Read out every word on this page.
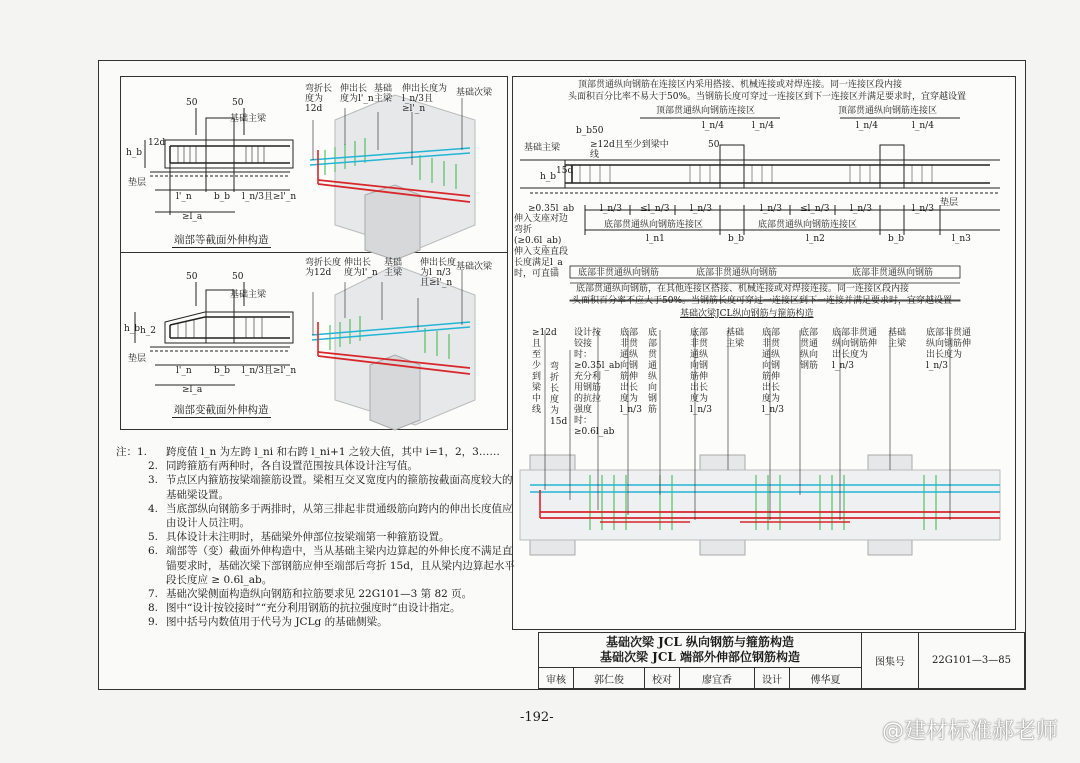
50	50
基础主梁
h_b
12d
垫层
l'_n b_b l_n/3且≥l'_n
≥l_a
端部等截面外伸构造
弯折长度为12d
伸出长度为l'_n
基础主梁
伸出长度为l_n/3且≥l'_n
基础次梁
50	50
基础主梁
h_b h_2
垫层
l'_n b_b l_n/3且≥l'_n
≥l_a
端部变截面外伸构造
弯折长度为12d
伸出长度为l'_n
基础主梁
伸出长度为l_n/3且≥l'_n
基础次梁
顶部贯通纵向钢筋在连接区内采用搭接、机械连接或对焊连接。同一连接区段内接
头面积百分比率不易大于50%。当钢筋长度可穿过一连接区到下一连接区并满足要求时，宜穿越设置
顶部贯通纵向钢筋连接区	顶部贯通纵向钢筋连接区
l_n/4	l_n/4	l_n/4	l_n/4
b_b 50
50
≥12d且至少到梁中线
基础主梁
h_b
15d
≥0.35l_ab	l_n/3 ≤l_n/3 l_n/3	l_n/3 ≤l_n/3 l_n/3	l_n/3
底部贯通纵向钢筋连接区	底部贯通纵向钢筋连接区
l_n1	b_b	l_n2	b_b	l_n3
垫层
伸入支座对边弯折(≥0.6l_ab)伸入支座直段长度满足l_a时，可直锚	底部非贯通纵向钢筋	底部非贯通纵向钢筋	底部非贯通纵向钢筋
底部贯通纵向钢筋，在其他连接区搭接、机械连接或对焊接连接。同一连接区段内接
头面积百分率不应大于50%。当钢筋长度可穿过一连接区到下一连接并满足要求时，宜穿越设置
基础次梁JCL纵向钢筋与箍筋构造
≥12d且至少到梁中线
弯折长度为15d
设计按铰接时：≥0.35l_ab 充分利用钢筋的抗拉强度时：≥0.6l_ab
底部非贯通纵向钢筋伸出长度为l_n/3
底部贯通纵向钢筋
底部非贯通纵向钢筋伸出长度为l_n/3
基础主梁
底部非贯通纵向钢筋伸出长度为l_n/3
底部贯通纵向钢筋
底部非贯通纵向钢筋伸出长度为l_n/3
基础主梁
底部非贯通纵向钢筋伸出长度为l_n/3
注：1. 跨度值 l_n 为左跨 l_ni 和右跨 l_ni+1 之较大值，其中 i=1，2，3……
2. 同跨箍筋有两种时，各自设置范围按具体设计注写值。
3. 节点区内箍筋按梁端箍筋设置。梁相互交叉宽度内的箍筋按截面高度较大的基础梁设置。
4. 当底部纵向钢筋多于两排时，从第三排起非贯通级筋向跨内的伸出长度值应由设计人员注明。
5. 具体设计未注明时，基础梁外伸部位按梁端第一种箍筋设置。
6. 端部等（变）截面外伸构造中，当从基础主梁内边算起的外伸长度不满足直锚要求时，基础次梁下部钢筋应伸至端部后弯折 15d，且从梁内边算起水平段长度应 ≥ 0.6l_ab。
7. 基础次梁侧面构造纵向钢筋和拉筋要求见 22G101—3 第 82 页。
8. 图中“设计按铰接时”“充分利用钢筋的抗拉强度时”由设计指定。
9. 图中括号内数值用于代号为 JCLg 的基础侧梁。
基础次梁 JCL 纵向钢筋与箍筋构造
基础次梁 JCL 端部外伸部位钢筋构造	图集号	22G101—3—85
审核	郭仁俊	校对	廖宜香	设计	傅华夏
-192-
@建材标准郝老师
